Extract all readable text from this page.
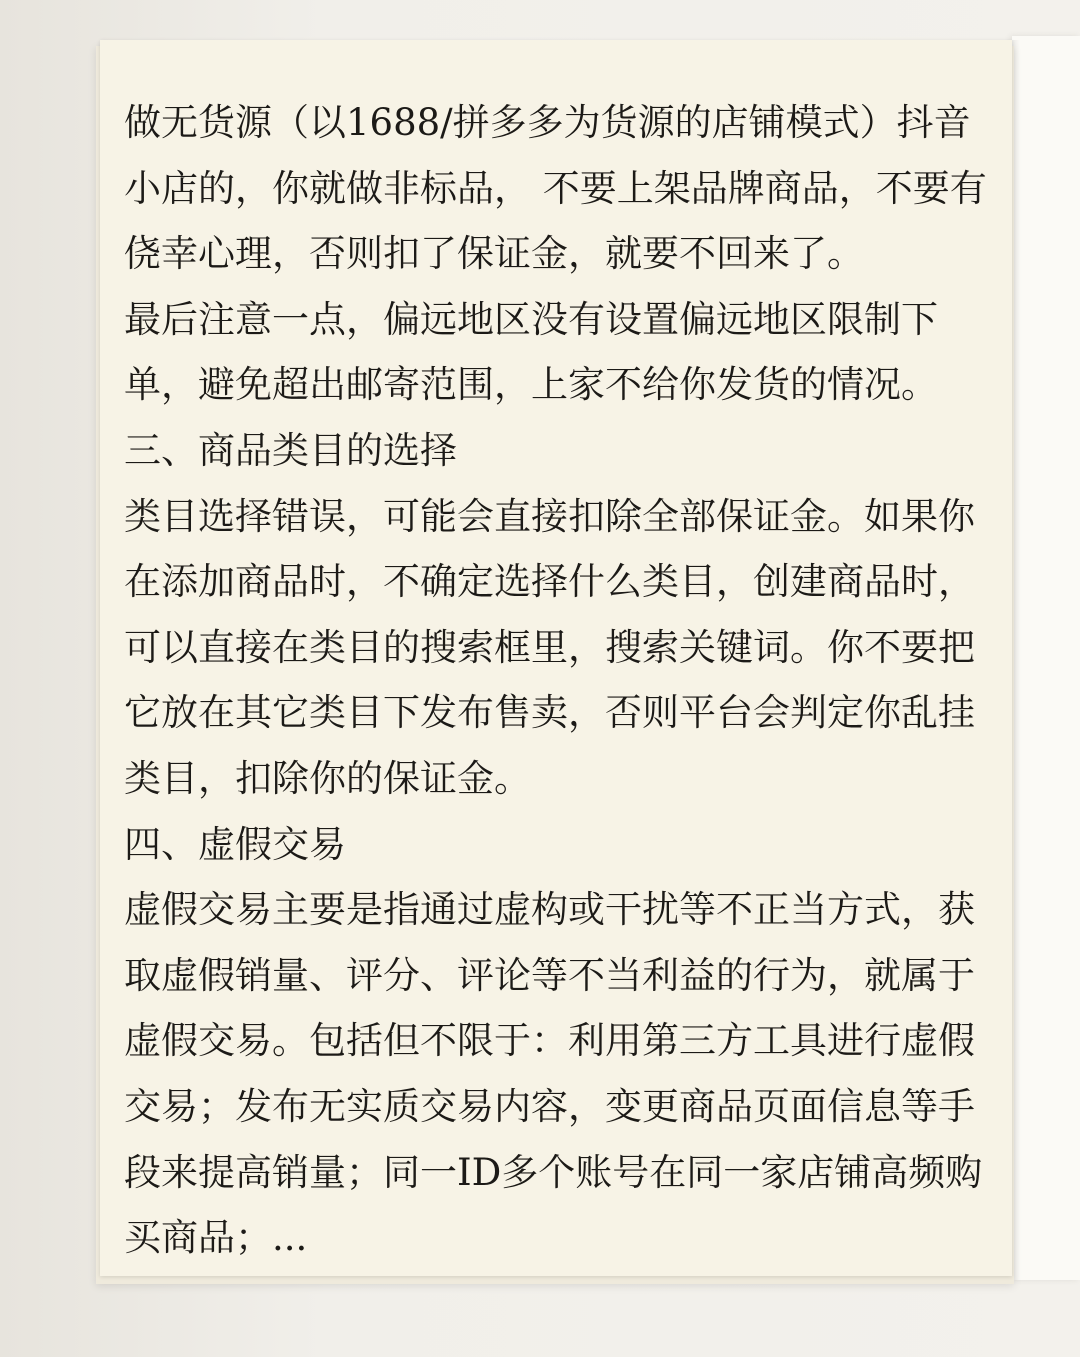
做无货源（以1688/拼多多为货源的店铺模式）抖音小店的，你就做非标品， 不要上架品牌商品，不要有侥幸心理，否则扣了保证金，就要不回来了。

最后注意一点，偏远地区没有设置偏远地区限制下单，避免超出邮寄范围，上家不给你发货的情况。

三、商品类目的选择

类目选择错误，可能会直接扣除全部保证金。如果你在添加商品时，不确定选择什么类目，创建商品时，可以直接在类目的搜索框里，搜索关键词。你不要把它放在其它类目下发布售卖，否则平台会判定你乱挂类目，扣除你的保证金。

四、虚假交易

虚假交易主要是指通过虚构或干扰等不正当方式，获取虚假销量、评分、评论等不当利益的行为，就属于虚假交易。包括但不限于：利用第三方工具进行虚假交易；发布无实质交易内容，变更商品页面信息等手段来提高销量；同一ID多个账号在同一家店铺高频购买商品；...
